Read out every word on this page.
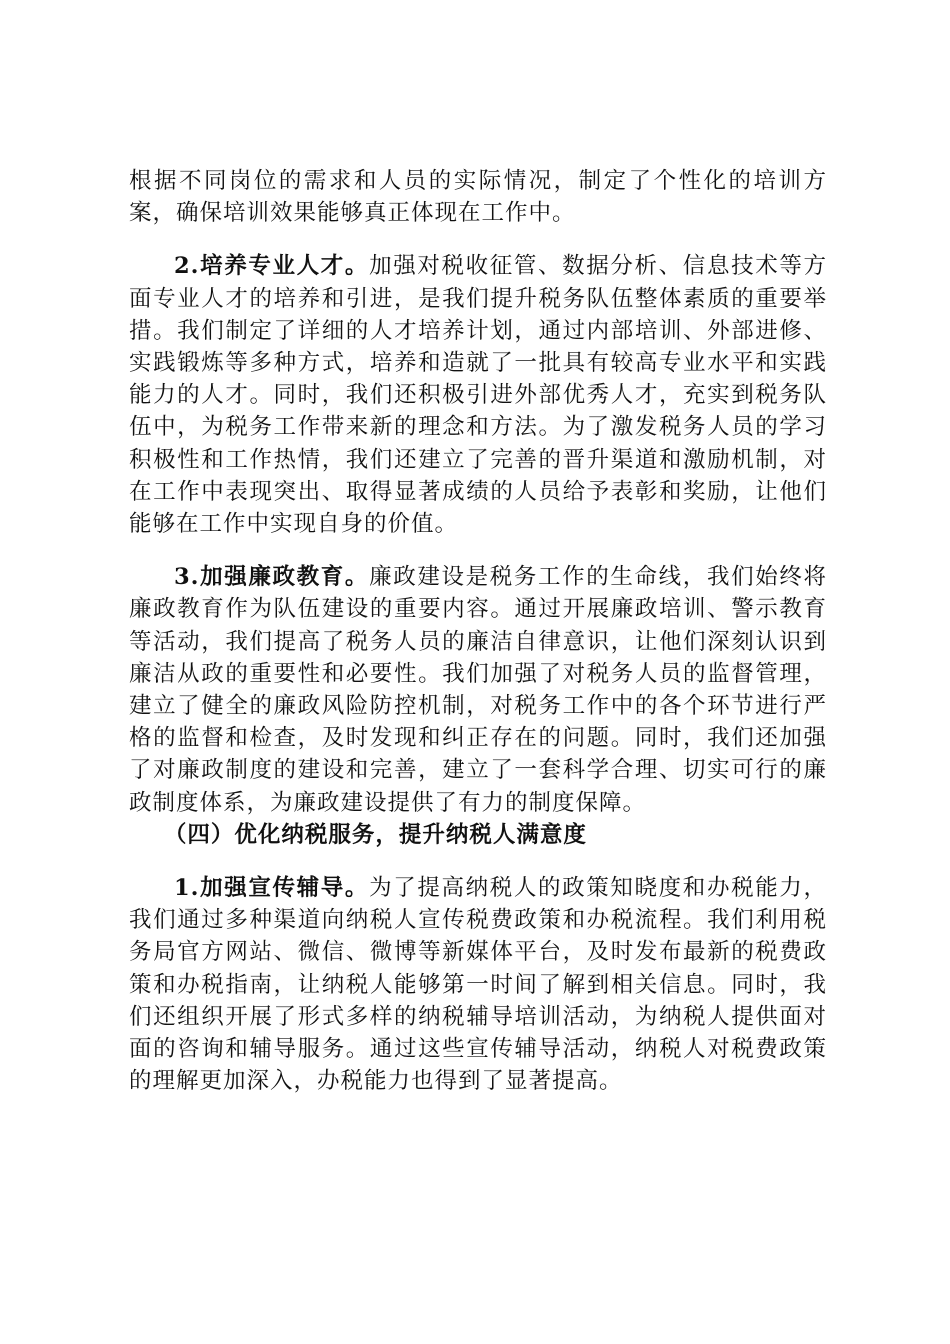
根据不同岗位的需求和人员的实际情况，制定了个性化的培训方案，确保培训效果能够真正体现在工作中。

2.培养专业人才。加强对税收征管、数据分析、信息技术等方面专业人才的培养和引进，是我们提升税务队伍整体素质的重要举措。我们制定了详细的人才培养计划，通过内部培训、外部进修、实践锻炼等多种方式，培养和造就了一批具有较高专业水平和实践能力的人才。同时，我们还积极引进外部优秀人才，充实到税务队伍中，为税务工作带来新的理念和方法。为了激发税务人员的学习积极性和工作热情，我们还建立了完善的晋升渠道和激励机制，对在工作中表现突出、取得显著成绩的人员给予表彰和奖励，让他们能够在工作中实现自身的价值。

3.加强廉政教育。廉政建设是税务工作的生命线，我们始终将廉政教育作为队伍建设的重要内容。通过开展廉政培训、警示教育等活动，我们提高了税务人员的廉洁自律意识，让他们深刻认识到廉洁从政的重要性和必要性。我们加强了对税务人员的监督管理，建立了健全的廉政风险防控机制，对税务工作中的各个环节进行严格的监督和检查，及时发现和纠正存在的问题。同时，我们还加强了对廉政制度的建设和完善，建立了一套科学合理、切实可行的廉政制度体系，为廉政建设提供了有力的制度保障。

（四）优化纳税服务，提升纳税人满意度

1.加强宣传辅导。为了提高纳税人的政策知晓度和办税能力，我们通过多种渠道向纳税人宣传税费政策和办税流程。我们利用税务局官方网站、微信、微博等新媒体平台，及时发布最新的税费政策和办税指南，让纳税人能够第一时间了解到相关信息。同时，我们还组织开展了形式多样的纳税辅导培训活动，为纳税人提供面对面的咨询和辅导服务。通过这些宣传辅导活动，纳税人对税费政策的理解更加深入，办税能力也得到了显著提高。
